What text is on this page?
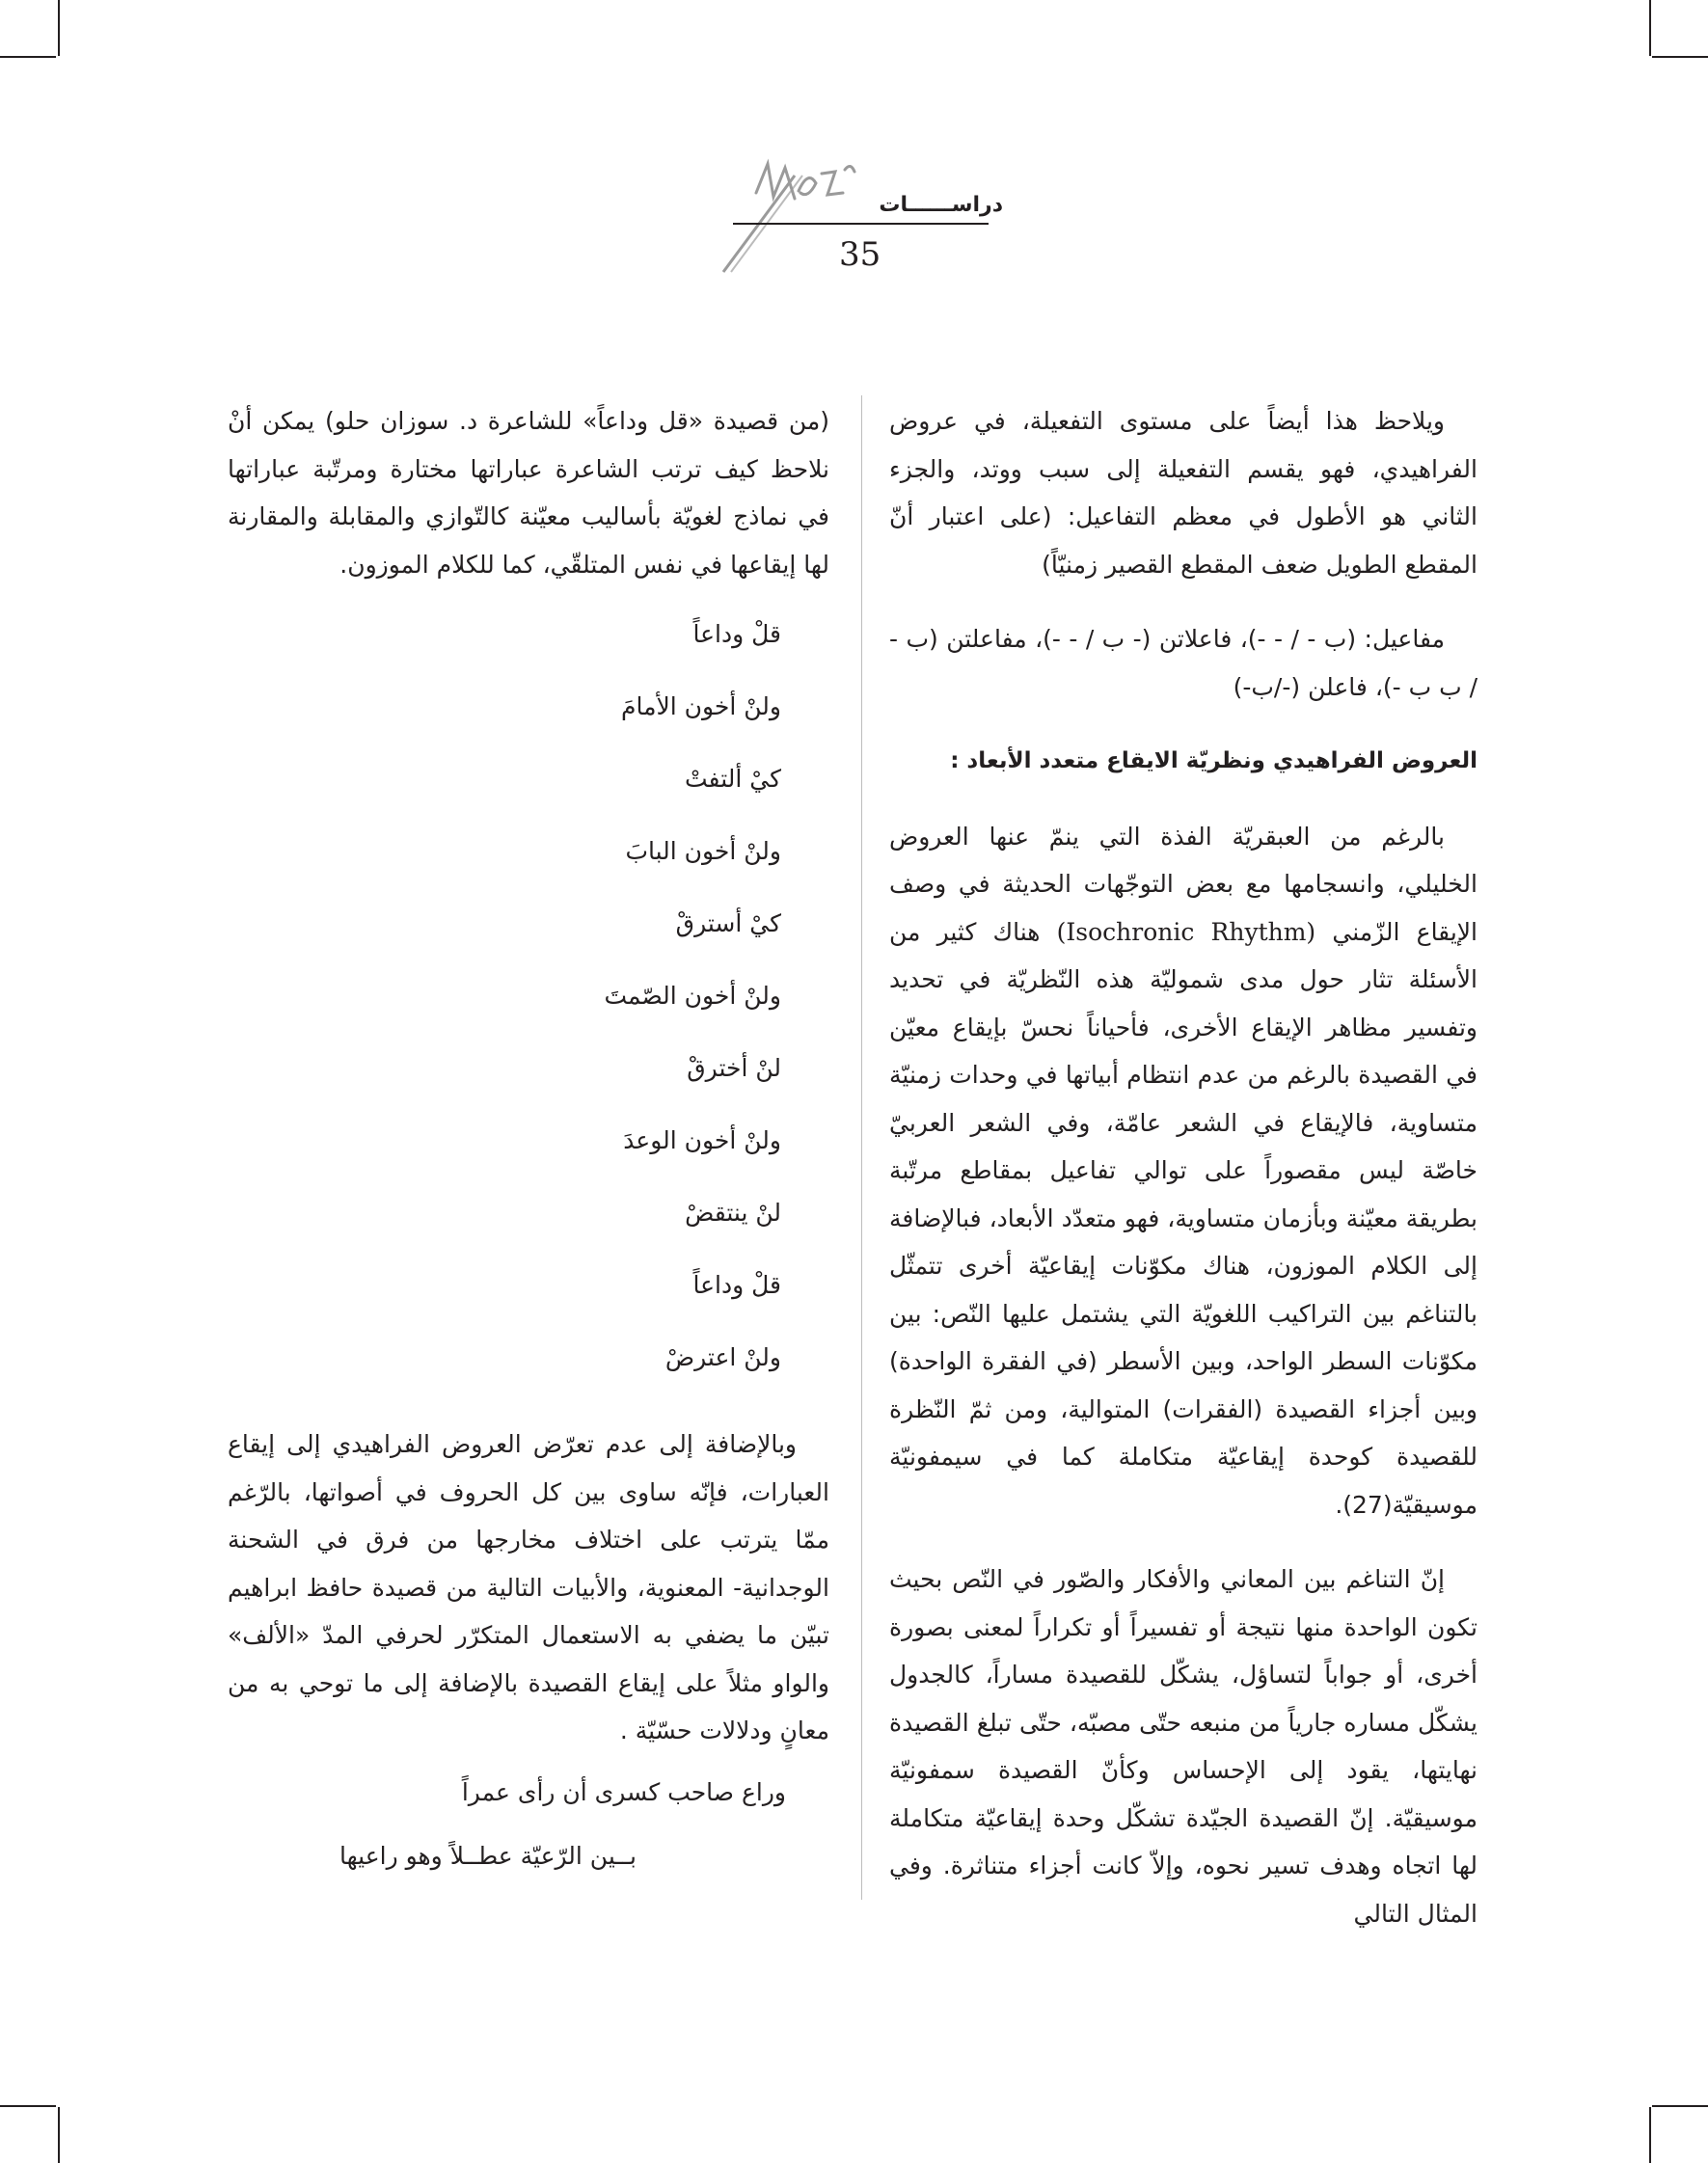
دراســــــات
35

ويلاحظ هذا أيضاً على مستوى التفعيلة، في عروض الفراهيدي، فهو يقسم التفعيلة إلى سبب ووتد، والجزء الثاني هو الأطول في معظم التفاعيل: (على اعتبار أنّ المقطع الطويل ضعف المقطع القصير زمنيّاً)

مفاعيل: (ب - / - -)، فاعلاتن (- ب / - -)، مفاعلتن (ب - / ب ب -)، فاعلن (-/ب-)

العروض الفراهيدي ونظريّة الايقاع متعدد الأبعاد :

بالرغم من العبقريّة الفذة التي ينمّ عنها العروض الخليلي، وانسجامها مع بعض التوجّهات الحديثة في وصف الإيقاع الزّمني (Isochronic Rhythm) هناك كثير من الأسئلة تثار حول مدى شموليّة هذه النّظريّة في تحديد وتفسير مظاهر الإيقاع الأخرى، فأحياناً نحسّ بإيقاع معيّن في القصيدة بالرغم من عدم انتظام أبياتها في وحدات زمنيّة متساوية، فالإيقاع في الشعر عامّة، وفي الشعر العربيّ خاصّة ليس مقصوراً على توالي تفاعيل بمقاطع مرتّبة بطريقة معيّنة وبأزمان متساوية، فهو متعدّد الأبعاد، فبالإضافة إلى الكلام الموزون، هناك مكوّنات إيقاعيّة أخرى تتمثّل بالتناغم بين التراكيب اللغويّة التي يشتمل عليها النّص: بين مكوّنات السطر الواحد، وبين الأسطر (في الفقرة الواحدة) وبين أجزاء القصيدة (الفقرات) المتوالية، ومن ثمّ النّظرة للقصيدة كوحدة إيقاعيّة متكاملة كما في سيمفونيّة موسيقيّة(27).

إنّ التناغم بين المعاني والأفكار والصّور في النّص بحيث تكون الواحدة منها نتيجة أو تفسيراً أو تكراراً لمعنى بصورة أخرى، أو جواباً لتساؤل، يشكّل للقصيدة مساراً، كالجدول يشكّل مساره جارياً من منبعه حتّى مصبّه، حتّى تبلغ القصيدة نهايتها، يقود إلى الإحساس وكأنّ القصيدة سمفونيّة موسيقيّة. إنّ القصيدة الجيّدة تشكّل وحدة إيقاعيّة متكاملة لها اتجاه وهدف تسير نحوه، وإلاّ كانت أجزاء متناثرة. وفي المثال التالي

(من قصيدة «قل وداعاً» للشاعرة د. سوزان حلو) يمكن أنْ نلاحظ كيف ترتب الشاعرة عباراتها مختارة ومرتّبة عباراتها في نماذج لغويّة بأساليب معيّنة كالتّوازي والمقابلة والمقارنة لها إيقاعها في نفس المتلقّي، كما للكلام الموزون.

قلْ وداعاً

ولنْ أخون الأمامَ

كيْ ألتفتْ

ولنْ أخون البابَ

كيْ أسترقْ

ولنْ أخون الصّمتَ

لنْ أخترقْ

ولنْ أخون الوعدَ

لنْ ينتقضْ

قلْ وداعاً

ولنْ اعترضْ

وبالإضافة إلى عدم تعرّض العروض الفراهيدي إلى إيقاع العبارات، فإنّه ساوى بين كل الحروف في أصواتها، بالرّغم ممّا يترتب على اختلاف مخارجها من فرق في الشحنة الوجدانية- المعنوية، والأبيات التالية من قصيدة حافظ ابراهيم تبيّن ما يضفي به الاستعمال المتكرّر لحرفي المدّ «الألف» والواو مثلاً على إيقاع القصيدة بالإضافة إلى ما توحي به من معانٍ ودلالات حسّيّة .

وراع صاحب كسرى أن رأى عمراً

بــين الرّعيّة عطــلاً وهو راعيها
